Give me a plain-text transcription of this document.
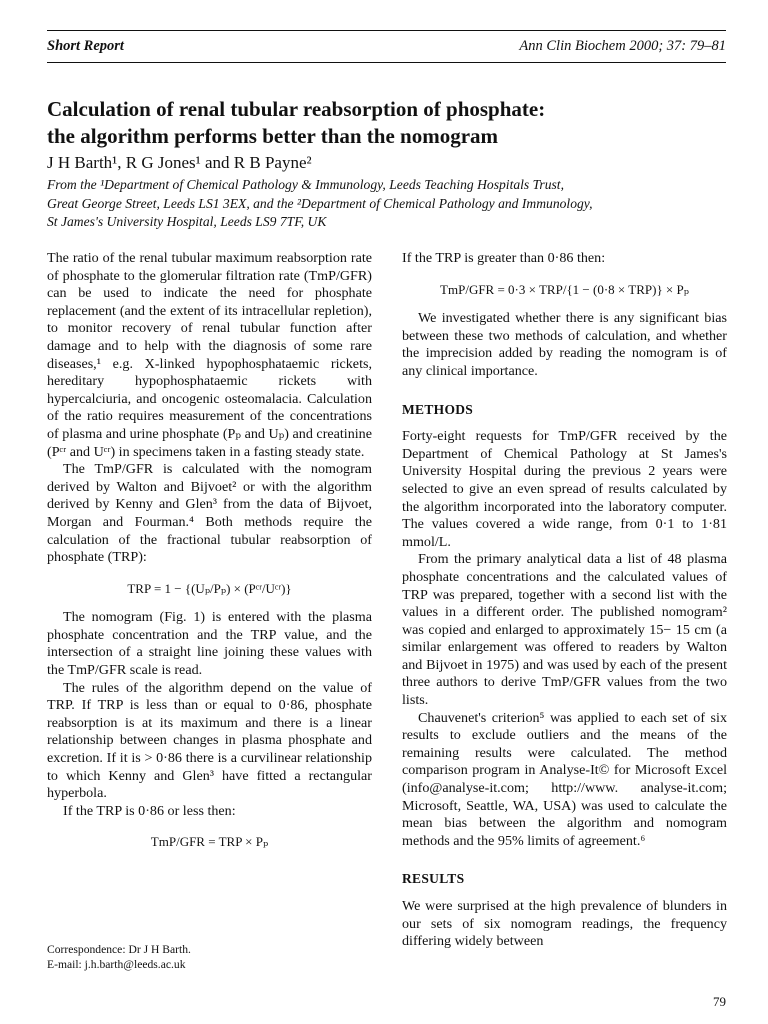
Short Report	Ann Clin Biochem 2000; 37: 79–81
Calculation of renal tubular reabsorption of phosphate:
the algorithm performs better than the nomogram
J H Barth¹, R G Jones¹ and R B Payne²
From the ¹Department of Chemical Pathology & Immunology, Leeds Teaching Hospitals Trust,
Great George Street, Leeds LS1 3EX, and the ²Department of Chemical Pathology and Immunology,
St James's University Hospital, Leeds LS9 7TF, UK

The ratio of the renal tubular maximum reabsorption rate of phosphate to the glomerular filtration rate (TmP/GFR) can be used to indicate the need for phosphate replacement (and the extent of its intracellular repletion), to monitor recovery of renal tubular function after damage and to help with the diagnosis of some rare diseases,¹ e.g. X-linked hypophosphataemic rickets, hereditary hypophosphataemic rickets with hypercalciuria, and oncogenic osteomalacia. Calculation of the ratio requires measurement of the concentrations of plasma and urine phosphate (Pₚ and Uₚ) and creatinine (Pᶜʳ and Uᶜʳ) in specimens taken in a fasting steady state.

The TmP/GFR is calculated with the nomogram derived by Walton and Bijvoet² or with the algorithm derived by Kenny and Glen³ from the data of Bijvoet, Morgan and Fourman.⁴ Both methods require the calculation of the fractional tubular reabsorption of phosphate (TRP):

TRP = 1 − {(Uₚ/Pₚ) × (Pᶜʳ/Uᶜʳ)}

The nomogram (Fig. 1) is entered with the plasma phosphate concentration and the TRP value, and the intersection of a straight line joining these values with the TmP/GFR scale is read.

The rules of the algorithm depend on the value of TRP. If TRP is less than or equal to 0·86, phosphate reabsorption is at its maximum and there is a linear relationship between changes in plasma phosphate and excretion. If it is > 0·86 there is a curvilinear relationship to which Kenny and Glen³ have fitted a rectangular hyperbola.

If the TRP is 0·86 or less then:

TmP/GFR = TRP × Pₚ

If the TRP is greater than 0·86 then:

TmP/GFR = 0·3 × TRP/{1 − (0·8 × TRP)} × Pₚ

We investigated whether there is any significant bias between these two methods of calculation, and whether the imprecision added by reading the nomogram is of any clinical importance.

METHODS

Forty-eight requests for TmP/GFR received by the Department of Chemical Pathology at St James's University Hospital during the previous 2 years were selected to give an even spread of results calculated by the algorithm incorporated into the laboratory computer. The values covered a wide range, from 0·1 to 1·81 mmol/L.

From the primary analytical data a list of 48 plasma phosphate concentrations and the calculated values of TRP was prepared, together with a second list with the values in a different order. The published nomogram² was copied and enlarged to approximately 15− 15 cm (a similar enlargement was offered to readers by Walton and Bijvoet in 1975) and was used by each of the present three authors to derive TmP/GFR values from the two lists.

Chauvenet's criterion⁵ was applied to each set of six results to exclude outliers and the means of the remaining results were calculated. The method comparison program in Analyse-It© for Microsoft Excel (info@analyse-it.com; http://www. analyse-it.com; Microsoft, Seattle, WA, USA) was used to calculate the mean bias between the algorithm and nomogram methods and the 95% limits of agreement.⁶

RESULTS

We were surprised at the high prevalence of blunders in our sets of six nomogram readings, the frequency differing widely between

Correspondence: Dr J H Barth.
E-mail: j.h.barth@leeds.ac.uk
79
